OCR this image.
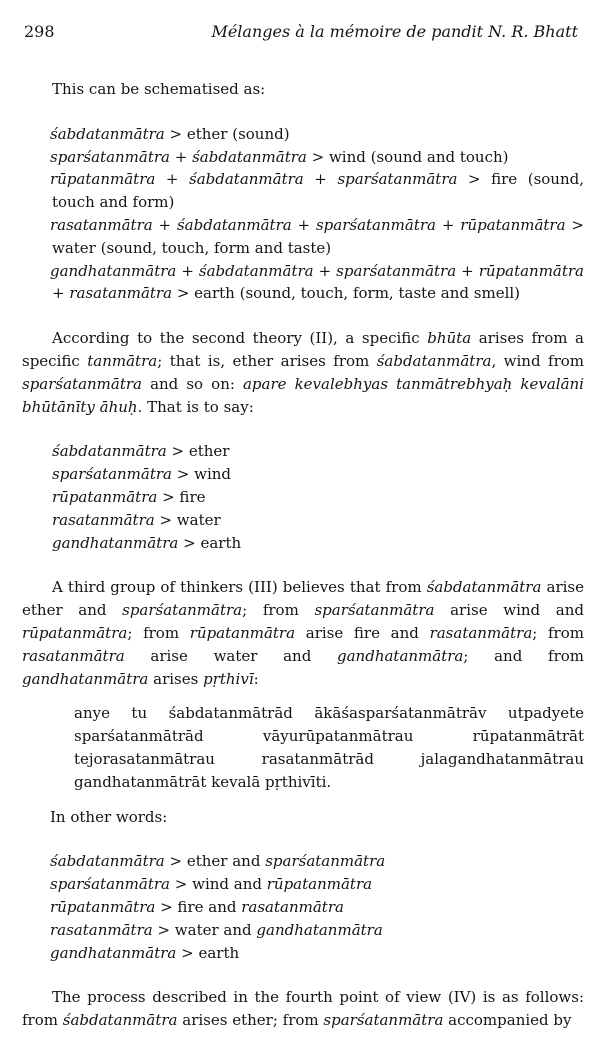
298	Mélanges à la mémoire de pandit N. R. Bhatt

This can be schematised as:

śabdatanmātra > ether (sound)

sparśatanmātra + śabdatanmātra > wind (sound and touch)

rūpatanmātra + śabdatanmātra + sparśatanmātra > fire (sound, touch and form)

rasatanmātra + śabdatanmātra + sparśatanmātra + rūpatanmātra > water (sound, touch, form and taste)

gandhatanmātra + śabdatanmātra + sparśatanmātra + rūpatanmātra + rasatanmātra > earth (sound, touch, form, taste and smell)

According to the second theory (II), a specific bhūta arises from a specific tanmātra; that is, ether arises from śabdatanmātra, wind from sparśatanmātra and so on: apare kevalebhyas tanmātrebhyaḥ kevalāni bhūtānīty āhuḥ. That is to say:

śabdatanmātra > ether

sparśatanmātra > wind

rūpatanmātra > fire

rasatanmātra > water

gandhatanmātra > earth

A third group of thinkers (III) believes that from śabdatanmātra arise ether and sparśatanmātra; from sparśatanmātra arise wind and rūpatanmātra; from rūpatanmātra arise fire and rasatanmātra; from rasatanmātra arise water and gandhatanmātra; and from gandhatanmātra arises pṛthivī:

anye tu śabdatanmātrād ākāśasparśatanmātrāv utpadyete sparśatanmātrād vāyurūpatanmātrau rūpatanmātrāt tejorasatanmātrau rasatanmātrād jalagandhatanmātrau gandhatanmātrāt kevalā pṛthivīti.

In other words:

śabdatanmātra > ether and sparśatanmātra

sparśatanmātra > wind and rūpatanmātra

rūpatanmātra > fire and rasatanmātra

rasatanmātra > water and gandhatanmātra

gandhatanmātra > earth

The process described in the fourth point of view (IV) is as follows: from śabdatanmātra arises ether; from sparśatanmātra accompanied by
